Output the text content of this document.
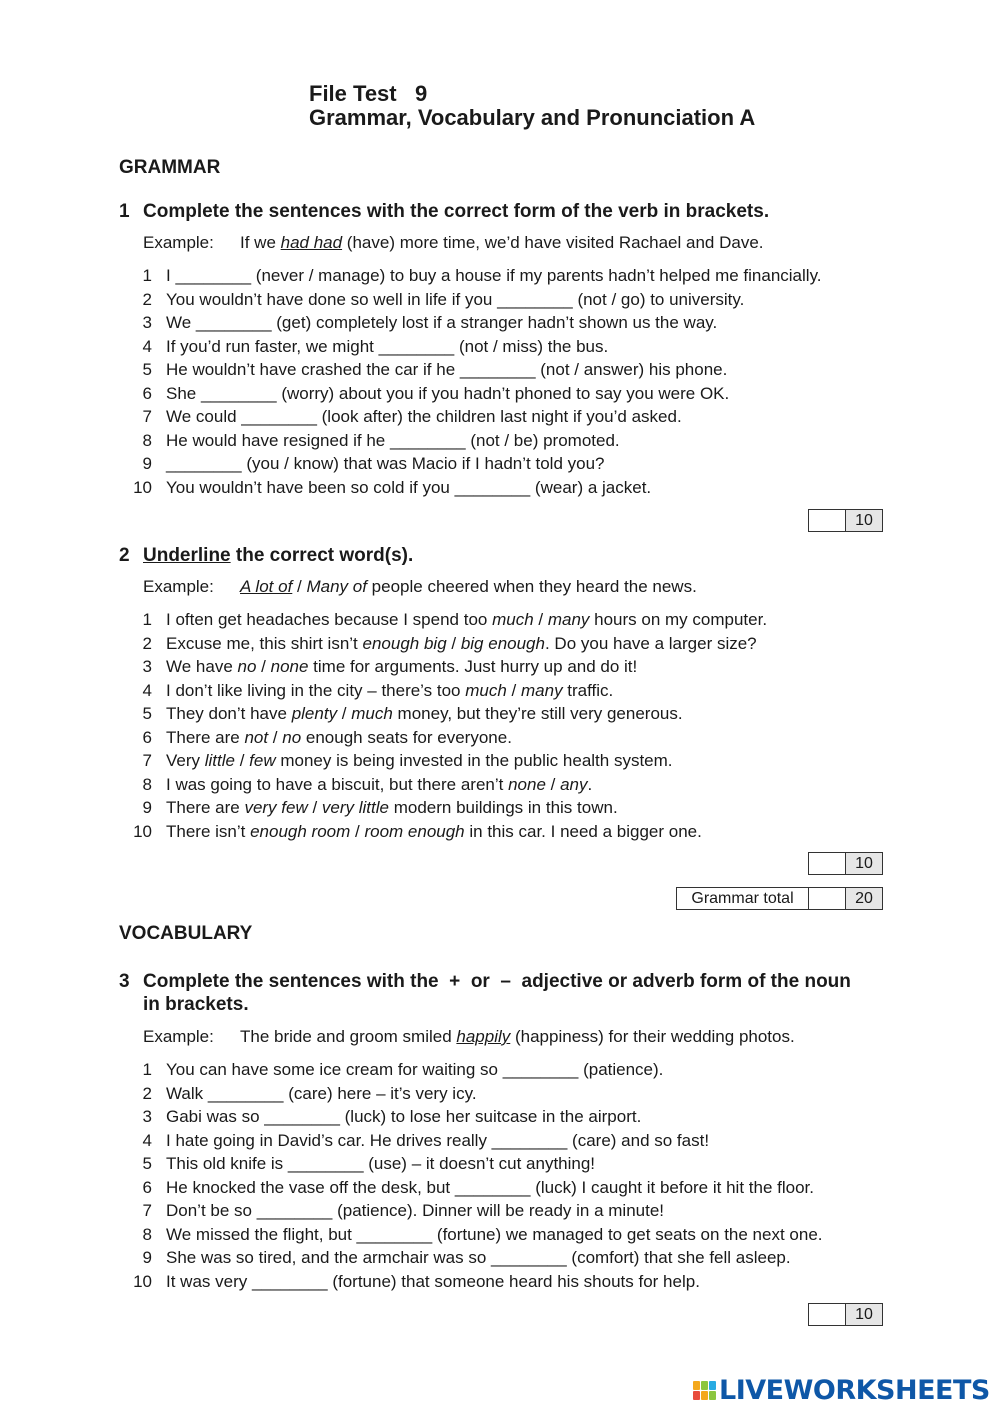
File Test   9
Grammar, Vocabulary and Pronunciation A
GRAMMAR
1 Complete the sentences with the correct form of the verb in brackets.
Example: If we had had (have) more time, we’d have visited Rachael and Dave.
1 I ________ (never / manage) to buy a house if my parents hadn’t helped me financially.
2 You wouldn’t have done so well in life if you ________ (not / go) to university.
3 We ________ (get) completely lost if a stranger hadn’t shown us the way.
4 If you’d run faster, we might ________ (not / miss) the bus.
5 He wouldn’t have crashed the car if he ________ (not / answer) his phone.
6 She ________ (worry) about you if you hadn’t phoned to say you were OK.
7 We could ________ (look after) the children last night if you’d asked.
8 He would have resigned if he ________ (not / be) promoted.
9 ________ (you / know) that was Macio if I hadn’t told you?
10 You wouldn’t have been so cold if you ________ (wear) a jacket.
10
2 Underline the correct word(s).
Example: A lot of / Many of people cheered when they heard the news.
1 I often get headaches because I spend too much / many hours on my computer.
2 Excuse me, this shirt isn’t enough big / big enough. Do you have a larger size?
3 We have no / none time for arguments. Just hurry up and do it!
4 I don’t like living in the city – there’s too much / many traffic.
5 They don’t have plenty / much money, but they’re still very generous.
6 There are not / no enough seats for everyone.
7 Very little / few money is being invested in the public health system.
8 I was going to have a biscuit, but there aren’t none / any.
9 There are very few / very little modern buildings in this town.
10 There isn’t enough room / room enough in this car. I need a bigger one.
10
Grammar total	20
VOCABULARY
3 Complete the sentences with the  +  or  –  adjective or adverb form of the noun in brackets.
Example: The bride and groom smiled happily (happiness) for their wedding photos.
1 You can have some ice cream for waiting so ________ (patience).
2 Walk ________ (care) here – it’s very icy.
3 Gabi was so ________ (luck) to lose her suitcase in the airport.
4 I hate going in David’s car. He drives really ________ (care) and so fast!
5 This old knife is ________ (use) – it doesn’t cut anything!
6 He knocked the vase off the desk, but ________ (luck) I caught it before it hit the floor.
7 Don’t be so ________ (patience). Dinner will be ready in a minute!
8 We missed the flight, but ________ (fortune) we managed to get seats on the next one.
9 She was so tired, and the armchair was so ________ (comfort) that she fell asleep.
10 It was very ________ (fortune) that someone heard his shouts for help.
10
LIVEWORKSHEETS
